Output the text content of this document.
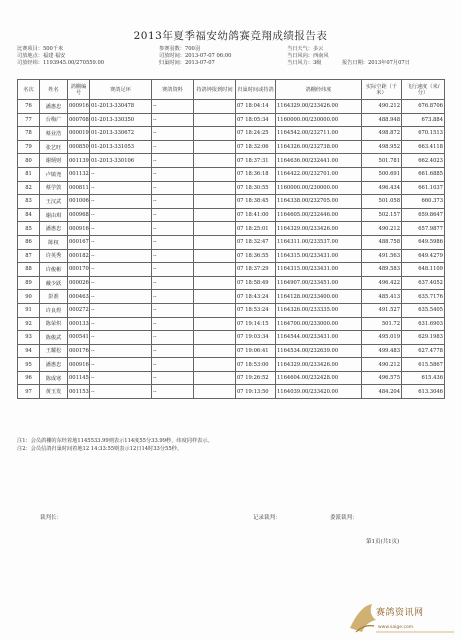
2013年夏季福安幼鸽赛竞翔成绩报告表
比赛项目：500千米	参赛羽数：700羽	当日天气：多云
司放地点：福建 福安	司放时间：2013-07-07 06:00	当日风向：西南风
司放经纬：1193945.00/270559.00	归巢时间：2013-07-07	当日风力：3级	报告日期：2013年07月07日
名次	姓名	鸽棚编号	赛鸽足环	赛鸽资料	持鸽钟报到时间	归巢时间或持鸽	鸽棚经纬度	实际空距（千米）	飞行速度（米/分）
76	潘惠忠	000916	01-2013-330478	--		07 18:04:14	1164329.00/233426.00	490.212	676.8706
77	台梅广	000708	01-2013-330350	--		07 18:05:34	1160000.00/230000.00	488.948	673.884
78	蔡业浩	000019	01-2013-330672	--		07 18:24:25	1164542.00/232711.00	498.872	670.1513
79	张艺旺	000850	01-2013-331053	--		07 18:32:06	1164326.00/232738.00	498.952	663.4118
80	谢炳财	001139	01-2013-330106	--		07 18:37:31	1164636.00/232441.00	501.781	662.4023
81	卢镇尧	001132	--	--		07 18:36:18	1164422.00/232701.00	500.691	661.6885
82	蔡学敦	000811	--	--		07 18:30:55	1160000.00/230000.00	496.434	661.1037
83	王汉武	001006	--	--		07 18:38:45	1164338.00/232705.00	501.058	660.373
84	谢由琪	000968	--	--		07 18:41:00	1164605.00/232446.00	502.157	659.8647
85	潘惠忠	000916	--	--		07 18:25:01	1164329.00/233426.00	490.212	657.9877
86	陈权	000167	--	--		07 18:32:47	1164311.00/233537.00	488.758	649.5986
87	许英秀	000182	--	--		07 18:36:55	1164315.00/233431.00	491.563	649.4279
88	许俊彬	000170	--	--		07 18:37:29	1164315.00/233431.00	489.583	648.1109
89	戴少跃	000026	--	--		07 18:58:49	1164907.00/233451.00	496.422	637.4052
90	彭准	000463	--	--		07 18:43:24	1164128.00/233400.00	485.413	635.7176
91	许良煜	000272	--	--		07 18:53:24	1164326.00/233335.00	491.527	635.5405
92	陈荣炽	000133	--	--		07 19:14:15	1164700.00/233000.00	501.72	631.6903
93	陈俊武	000541	--	--		07 19:03:34	1164544.00/233431.00	495.019	629.1983
94	王耀松	000176	--	--		07 19:06:41	1164534.00/232639.00	499.483	627.4778
95	潘惠忠	000916	--	--		07 18:53:00	1164329.00/233426.00	490.212	615.5867
96	陈成寒	001145	--	--		07 19:26:52	1164604.00/232428.00	496.575	615.436
97	黄玉发	001153	--	--		07 19:13:50	1164039.00/233420.00	484.204	613.3046
注1：会员鸽棚的东经着地1145533.99则表示114度55分33.99秒，纬度同样表示。
注2：会员信鸽归巢时间着地12 14:33:55则表示12日14时33分55秒。
裁判长：	记录裁判：	委派裁判：
第1页(共1页)
赛鸽资讯网
www.saige.com
